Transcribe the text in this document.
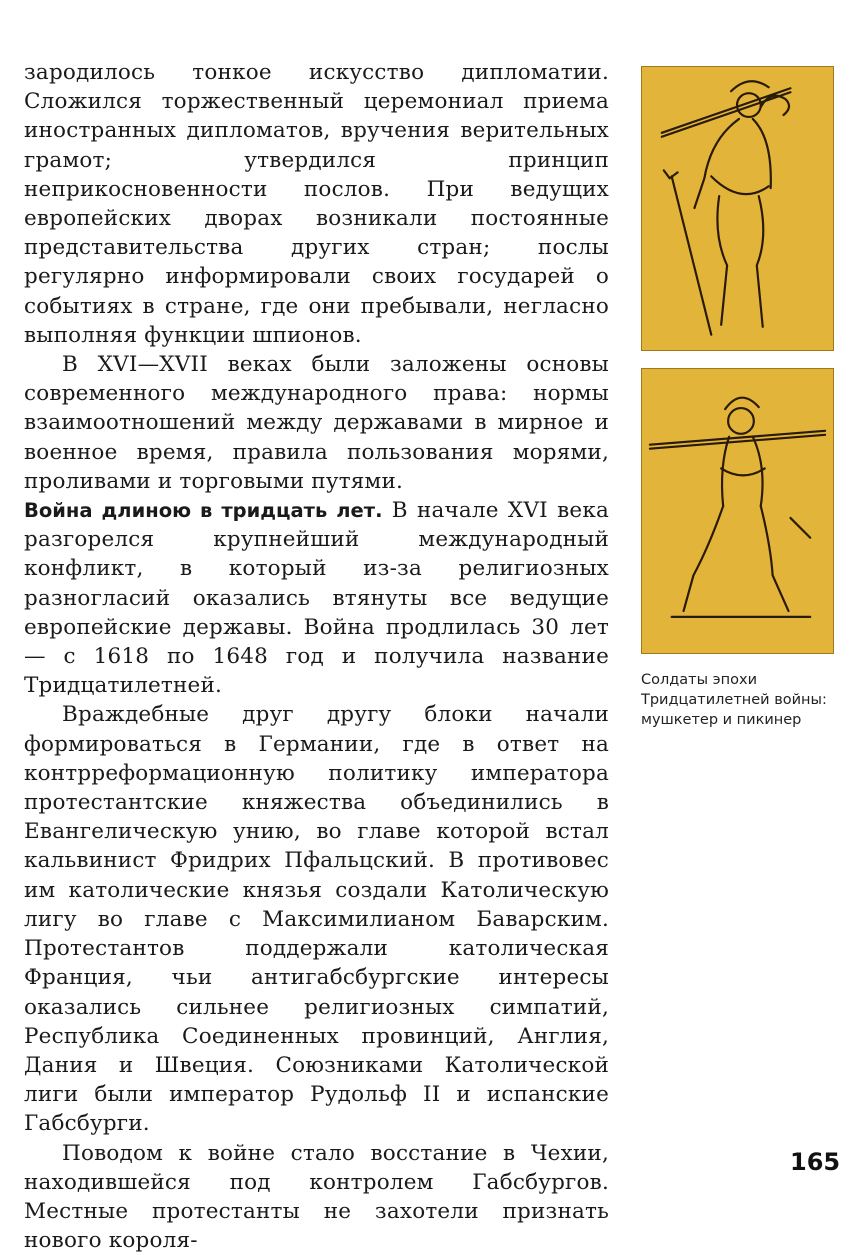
зародилось тонкое искусство дипломатии. Сложился торжественный церемониал приема иностранных дипломатов, вручения верительных грамот; утвердился принцип неприкосновенности послов. При ведущих европейских дворах возникали постоянные представительства других стран; послы регулярно информировали своих государей о событиях в стране, где они пребывали, негласно выполняя функции шпионов.

В XVI—XVII веках были заложены основы современного международного права: нормы взаимоотношений между державами в мирное и военное время, правила пользования морями, проливами и торговыми путями.

Война длиною в тридцать лет. В начале XVI века разгорелся крупнейший международный конфликт, в который из-за религиозных разногласий оказались втянуты все ведущие европейские державы. Война продлилась 30 лет — с 1618 по 1648 год и получила название Тридцатилетней.

Враждебные друг другу блоки начали формироваться в Германии, где в ответ на контрреформационную политику императора протестантские княжества объединились в Евангелическую унию, во главе которой встал кальвинист Фридрих Пфальцский. В противовес им католические князья создали Католическую лигу во главе с Максимилианом Баварским. Протестантов поддержали католическая Франция, чьи антигабсбургские интересы оказались сильнее религиозных симпатий, Республика Соединенных провинций, Англия, Дания и Швеция. Союзниками Католической лиги были император Рудольф II и испанские Габсбурги.

Поводом к войне стало восстание в Чехии, находившейся под контролем Габсбургов. Местные протестанты не захотели признать нового короля-

Солдаты эпохи Тридцатилетней войны: мушкетер и пикинер
165
